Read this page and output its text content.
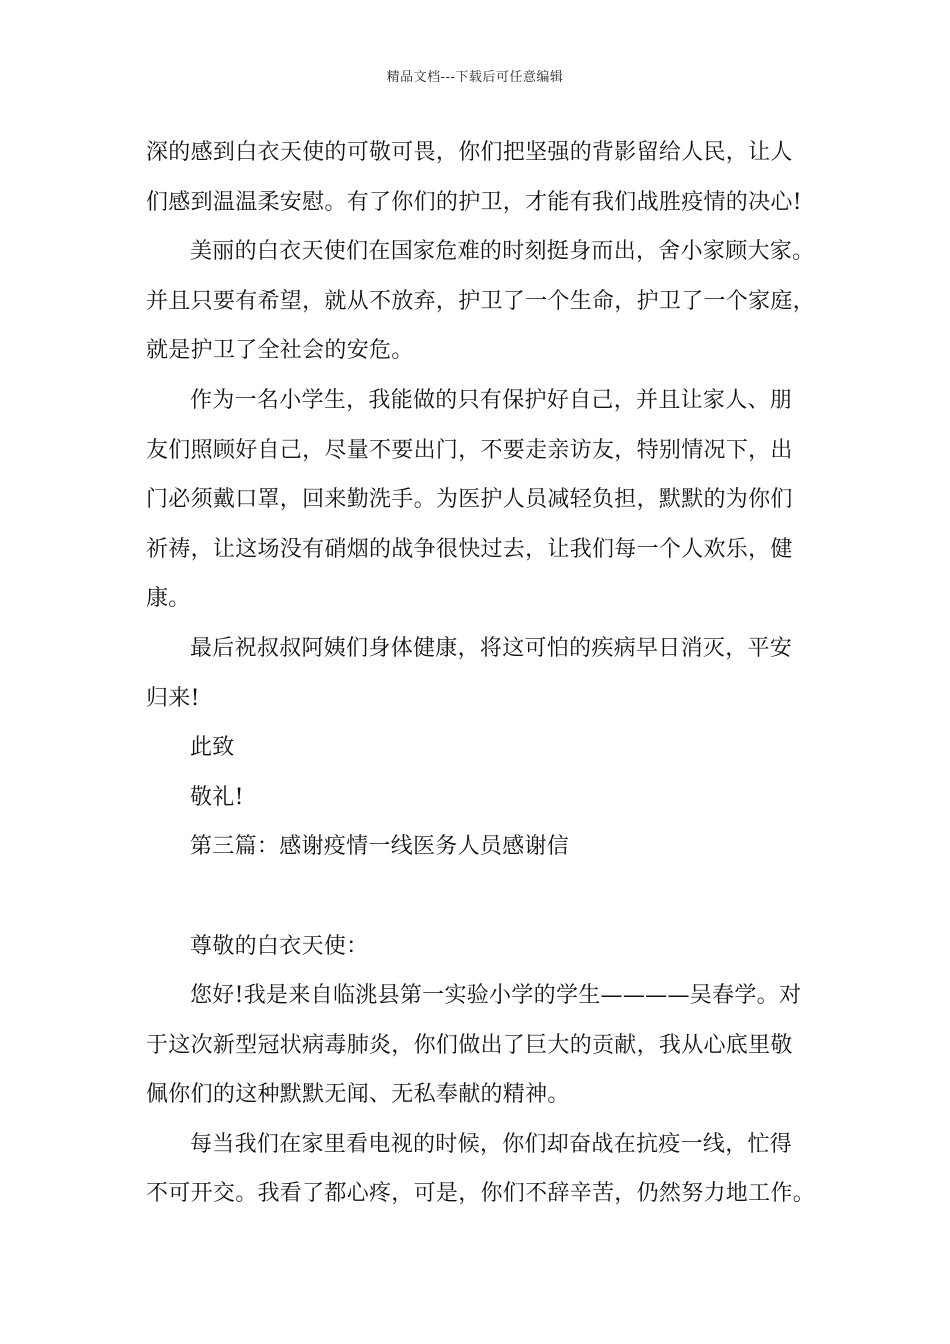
精品文档---下载后可任意编辑
深的感到白衣天使的可敬可畏，你们把坚强的背影留给人民，让人
们感到温温柔安慰。有了你们的护卫，才能有我们战胜疫情的决心!
美丽的白衣天使们在国家危难的时刻挺身而出，舍小家顾大家。
并且只要有希望，就从不放弃，护卫了一个生命，护卫了一个家庭，
就是护卫了全社会的安危。
作为一名小学生，我能做的只有保护好自己，并且让家人、朋
友们照顾好自己，尽量不要出门，不要走亲访友，特别情况下，出
门必须戴口罩，回来勤洗手。为医护人员减轻负担，默默的为你们
祈祷，让这场没有硝烟的战争很快过去，让我们每一个人欢乐，健
康。
最后祝叔叔阿姨们身体健康，将这可怕的疾病早日消灭，平安
归来!
此致
敬礼!
第三篇：感谢疫情一线医务人员感谢信
尊敬的白衣天使：
您好!我是来自临洮县第一实验小学的学生————吴春学。对
于这次新型冠状病毒肺炎，你们做出了巨大的贡献，我从心底里敬
佩你们的这种默默无闻、无私奉献的精神。
每当我们在家里看电视的时候，你们却奋战在抗疫一线，忙得
不可开交。我看了都心疼，可是，你们不辞辛苦，仍然努力地工作。
